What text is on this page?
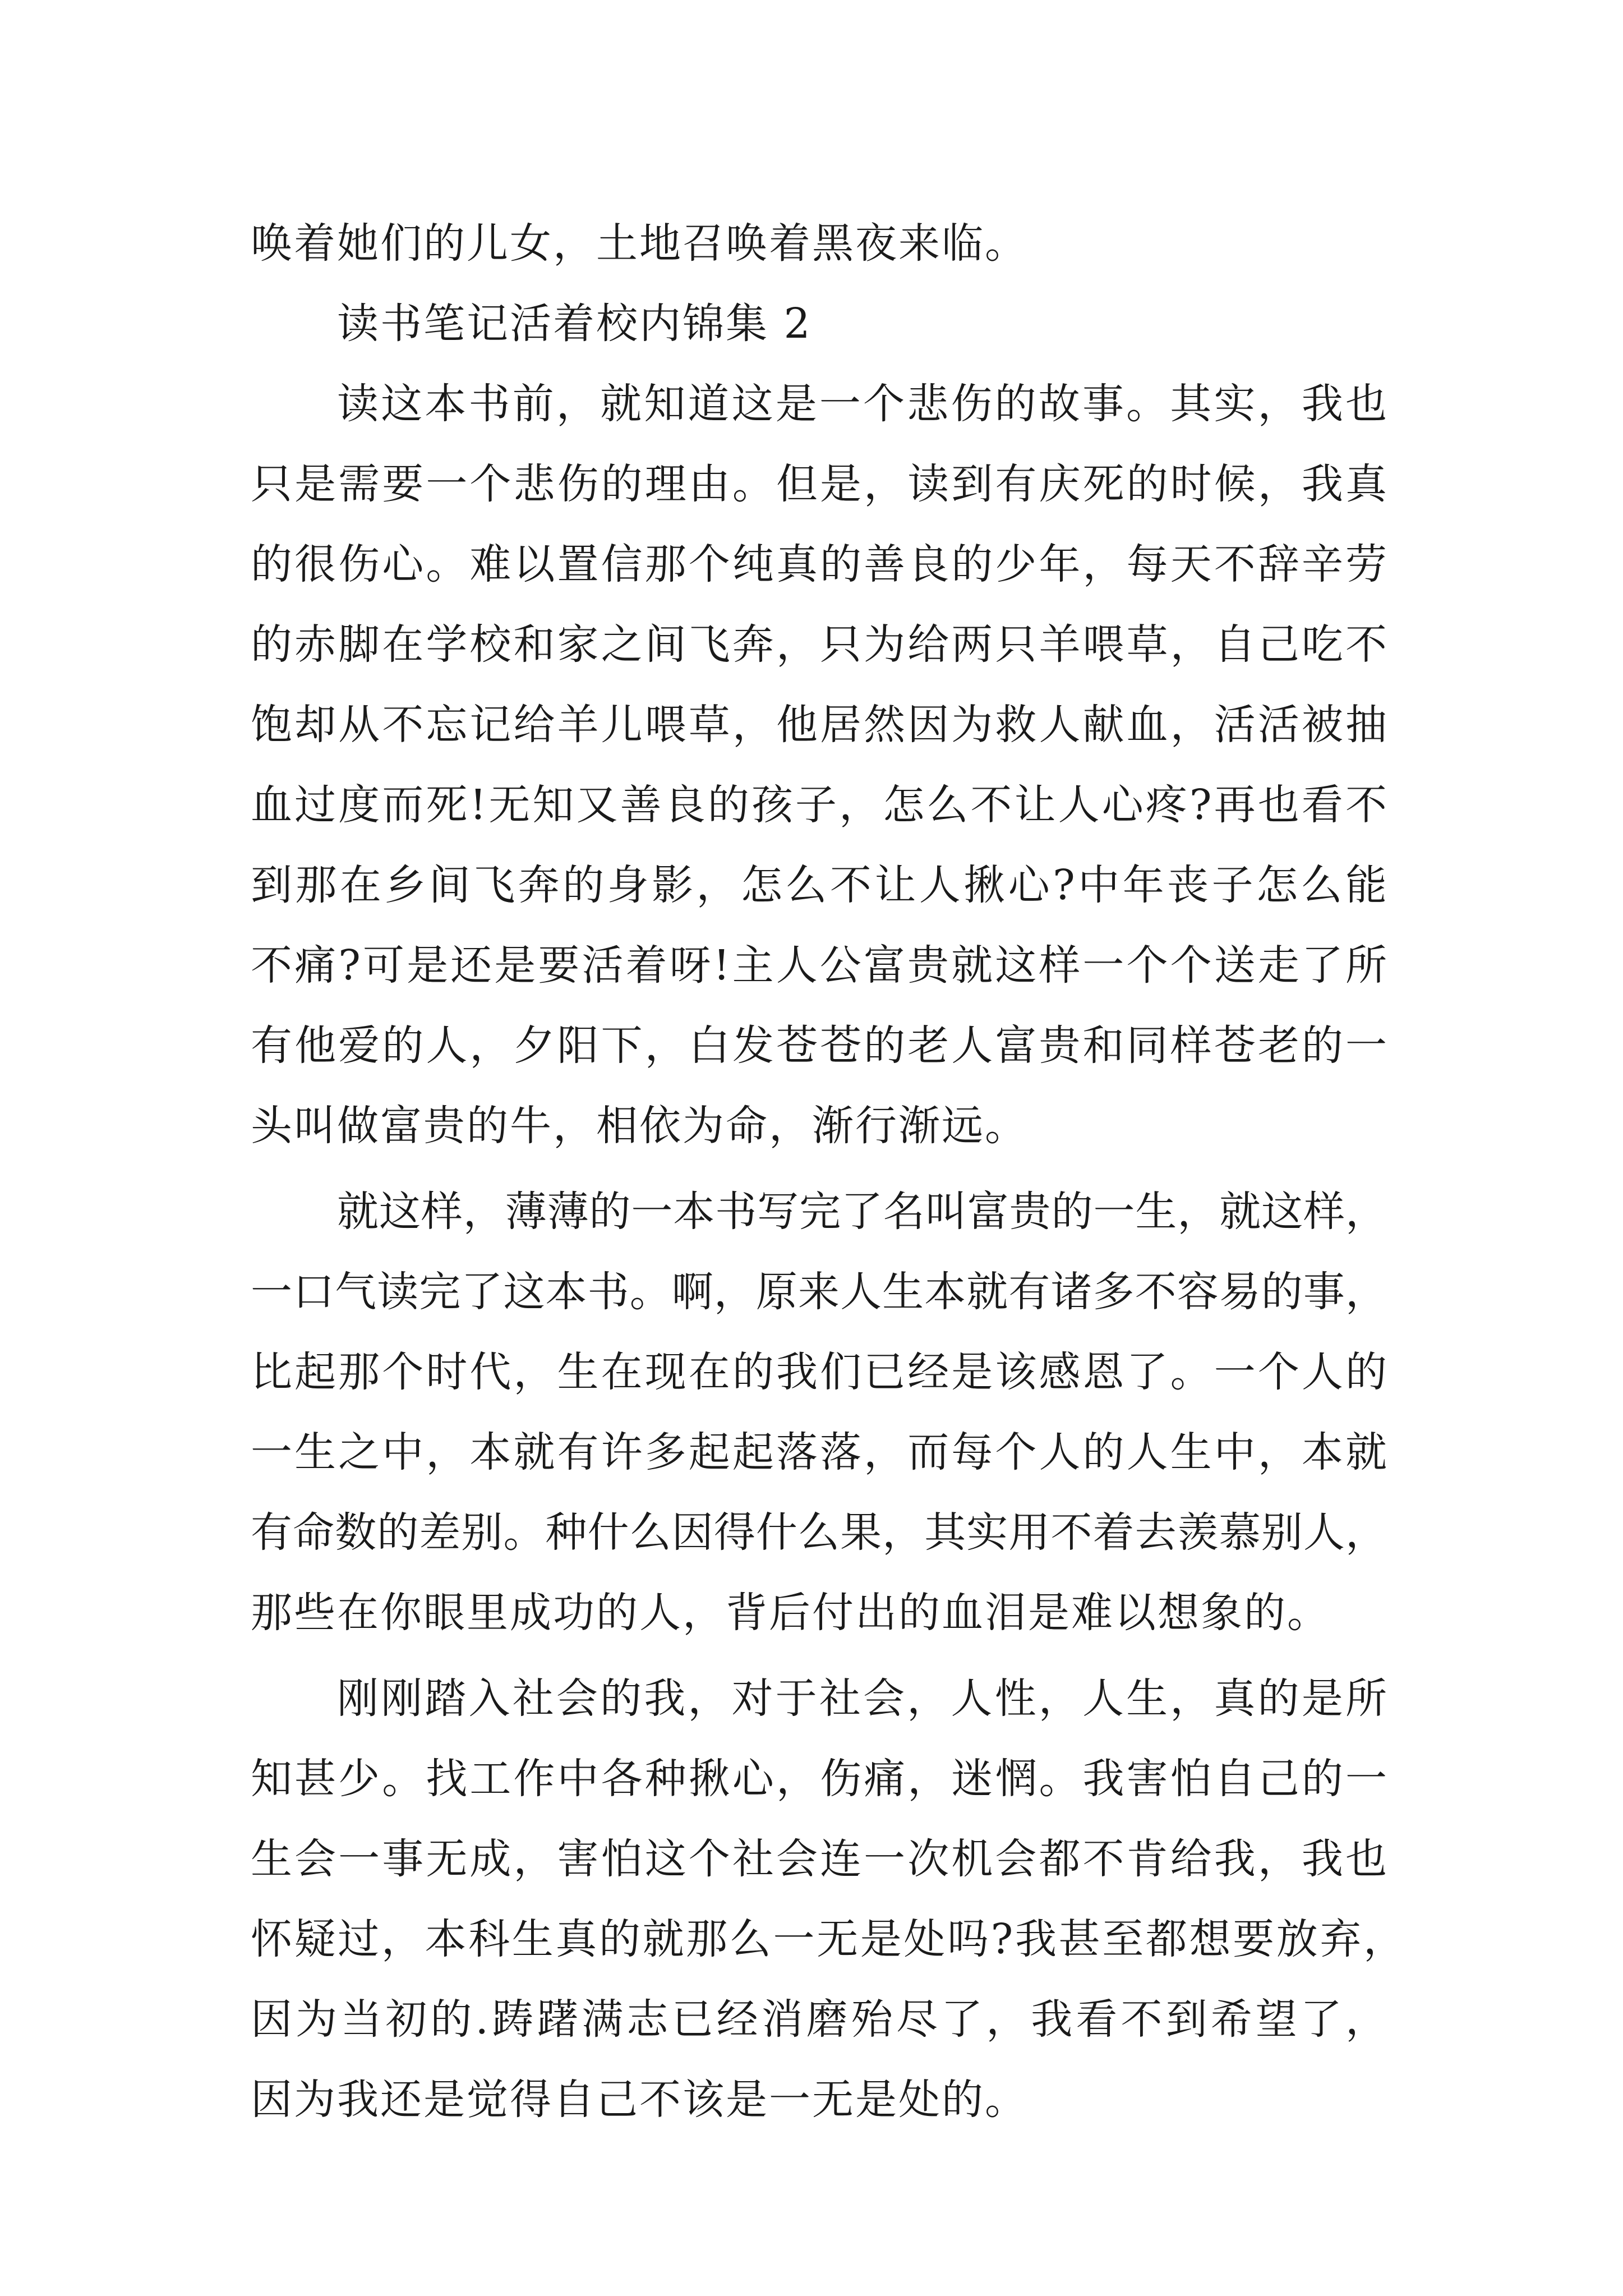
唤着她们的儿女，土地召唤着黑夜来临。
读书笔记活着校内锦集 2
读这本书前，就知道这是一个悲伤的故事。其实，我也
只是需要一个悲伤的理由。但是，读到有庆死的时候，我真
的很伤心。难以置信那个纯真的善良的少年，每天不辞辛劳
的赤脚在学校和家之间飞奔，只为给两只羊喂草，自己吃不
饱却从不忘记给羊儿喂草，他居然因为救人献血，活活被抽
血过度而死!无知又善良的孩子，怎么不让人心疼?再也看不
到那在乡间飞奔的身影，怎么不让人揪心?中年丧子怎么能
不痛?可是还是要活着呀!主人公富贵就这样一个个送走了所
有他爱的人，夕阳下，白发苍苍的老人富贵和同样苍老的一
头叫做富贵的牛，相依为命，渐行渐远。
就这样，薄薄的一本书写完了名叫富贵的一生，就这样，
一口气读完了这本书。啊，原来人生本就有诸多不容易的事，
比起那个时代，生在现在的我们已经是该感恩了。一个人的
一生之中，本就有许多起起落落，而每个人的人生中，本就
有命数的差别。种什么因得什么果，其实用不着去羡慕别人，
那些在你眼里成功的人，背后付出的血泪是难以想象的。
刚刚踏入社会的我，对于社会，人性，人生，真的是所
知甚少。找工作中各种揪心，伤痛，迷惘。我害怕自己的一
生会一事无成，害怕这个社会连一次机会都不肯给我，我也
怀疑过，本科生真的就那么一无是处吗?我甚至都想要放弃，
因为当初的.踌躇满志已经消磨殆尽了，我看不到希望了，
因为我还是觉得自己不该是一无是处的。
